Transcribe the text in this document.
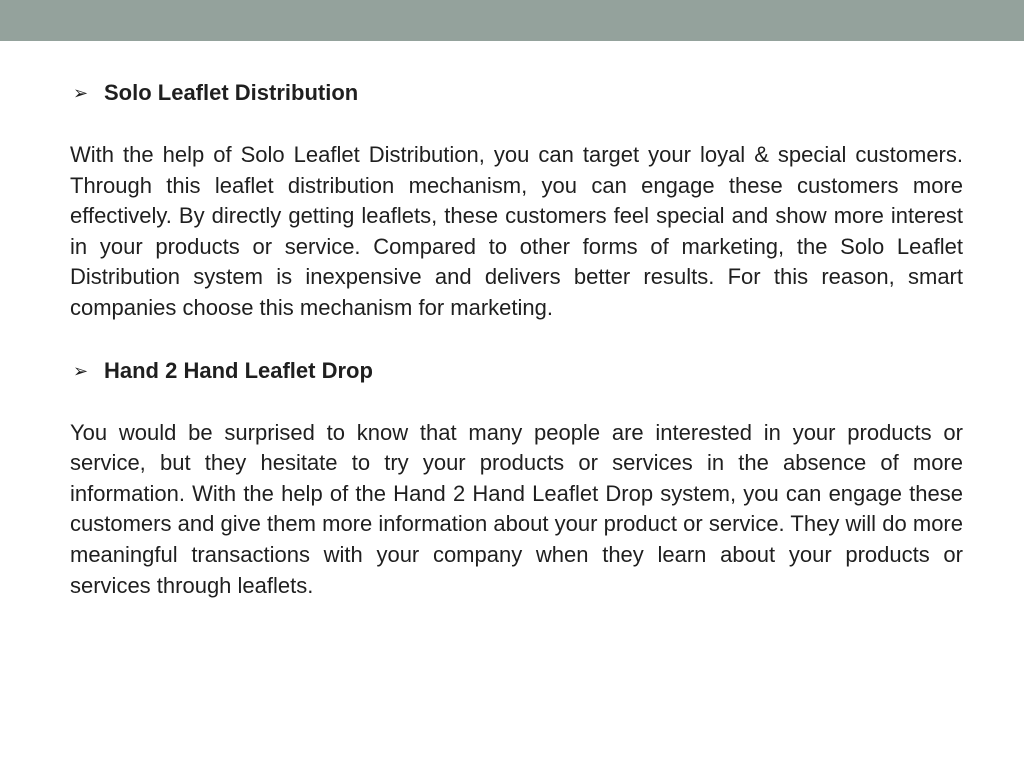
➢ Solo Leaflet Distribution

With the help of Solo Leaflet Distribution, you can target your loyal & special customers. Through this leaflet distribution mechanism, you can engage these customers more effectively. By directly getting leaflets, these customers feel special and show more interest in your products or service. Compared to other forms of marketing, the Solo Leaflet Distribution system is inexpensive and delivers better results. For this reason, smart companies choose this mechanism for marketing.

➢ Hand 2 Hand Leaflet Drop

You would be surprised to know that many people are interested in your products or service, but they hesitate to try your products or services in the absence of more information. With the help of the Hand 2 Hand Leaflet Drop system, you can engage these customers and give them more information about your product or service. They will do more meaningful transactions with your company when they learn about your products or services through leaflets.
